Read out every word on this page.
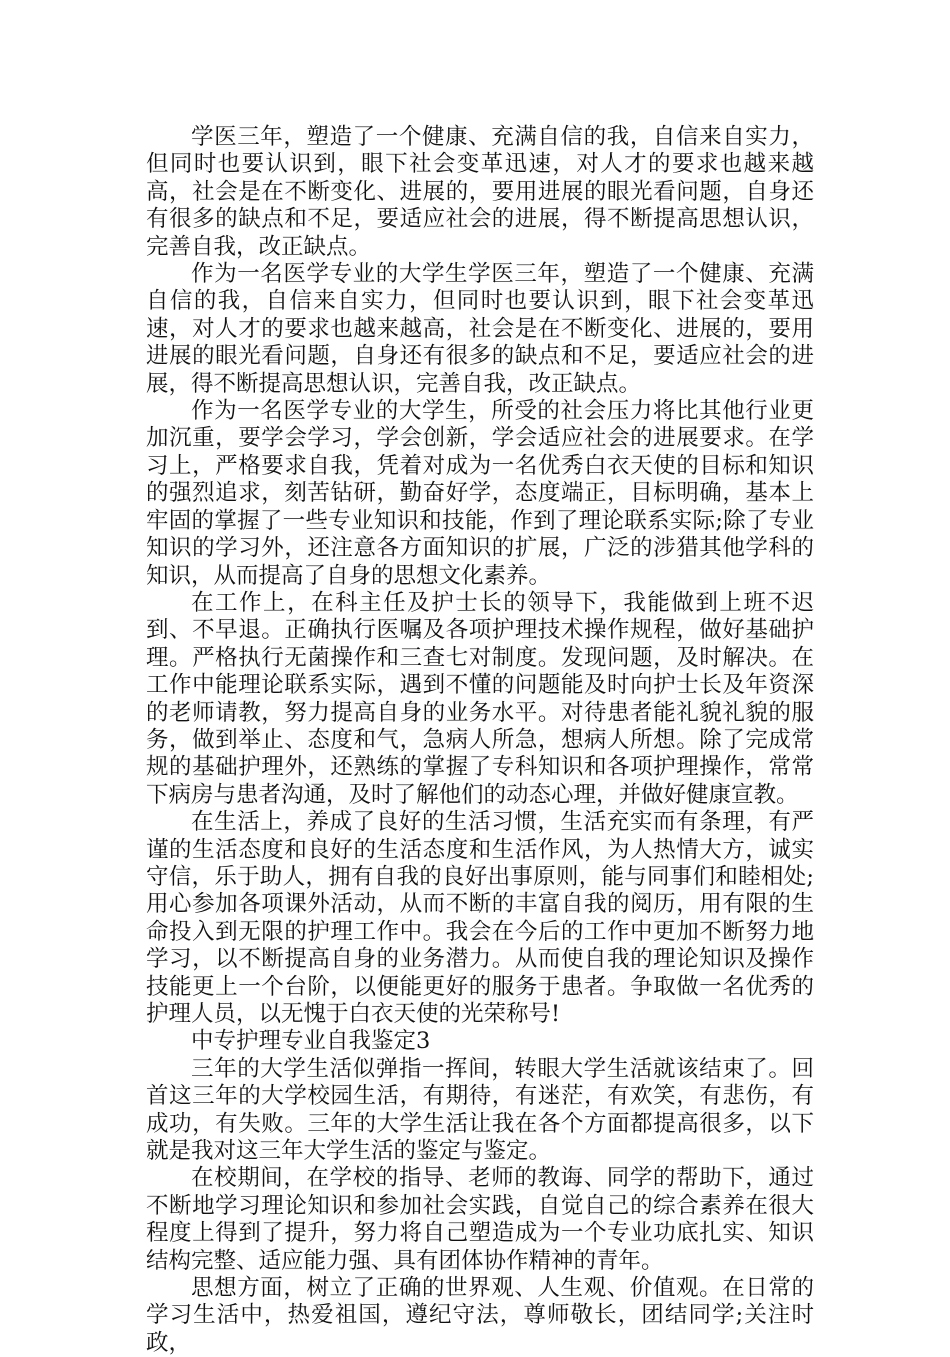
学医三年，塑造了一个健康、充满自信的我，自信来自实力，但同时也要认识到，眼下社会变革迅速，对人才的要求也越来越高，社会是在不断变化、进展的，要用进展的眼光看问题，自身还有很多的缺点和不足，要适应社会的进展，得不断提高思想认识，完善自我，改正缺点。

作为一名医学专业的大学生学医三年，塑造了一个健康、充满自信的我，自信来自实力，但同时也要认识到，眼下社会变革迅速，对人才的要求也越来越高，社会是在不断变化、进展的，要用进展的眼光看问题，自身还有很多的缺点和不足，要适应社会的进展，得不断提高思想认识，完善自我，改正缺点。

作为一名医学专业的大学生，所受的社会压力将比其他行业更加沉重，要学会学习，学会创新，学会适应社会的进展要求。在学习上，严格要求自我，凭着对成为一名优秀白衣天使的目标和知识的强烈追求，刻苦钻研，勤奋好学，态度端正，目标明确，基本上牢固的掌握了一些专业知识和技能，作到了理论联系实际;除了专业知识的学习外，还注意各方面知识的扩展，广泛的涉猎其他学科的知识，从而提高了自身的思想文化素养。

在工作上，在科主任及护士长的领导下，我能做到上班不迟到、不早退。正确执行医嘱及各项护理技术操作规程，做好基础护理。严格执行无菌操作和三查七对制度。发现问题，及时解决。在工作中能理论联系实际，遇到不懂的问题能及时向护士长及年资深的老师请教，努力提高自身的业务水平。对待患者能礼貌礼貌的服务，做到举止、态度和气，急病人所急，想病人所想。除了完成常规的基础护理外，还熟练的掌握了专科知识和各项护理操作，常常下病房与患者沟通，及时了解他们的动态心理，并做好健康宣教。

在生活上，养成了良好的生活习惯，生活充实而有条理，有严谨的生活态度和良好的生活态度和生活作风，为人热情大方，诚实守信，乐于助人，拥有自我的良好出事原则，能与同事们和睦相处;用心参加各项课外活动，从而不断的丰富自我的阅历，用有限的生命投入到无限的护理工作中。我会在今后的工作中更加不断努力地学习，以不断提高自身的业务潜力。从而使自我的理论知识及操作技能更上一个台阶，以便能更好的服务于患者。争取做一名优秀的护理人员，以无愧于白衣天使的光荣称号!

中专护理专业自我鉴定3

三年的大学生活似弹指一挥间，转眼大学生活就该结束了。回首这三年的大学校园生活，有期待，有迷茫，有欢笑，有悲伤，有成功，有失败。三年的大学生活让我在各个方面都提高很多，以下就是我对这三年大学生活的鉴定与鉴定。

在校期间，在学校的指导、老师的教诲、同学的帮助下，通过不断地学习理论知识和参加社会实践，自觉自己的综合素养在很大程度上得到了提升，努力将自己塑造成为一个专业功底扎实、知识结构完整、适应能力强、具有团体协作精神的青年。

思想方面，树立了正确的世界观、人生观、价值观。在日常的学习生活中，热爱祖国，遵纪守法，尊师敬长，团结同学;关注时政，
